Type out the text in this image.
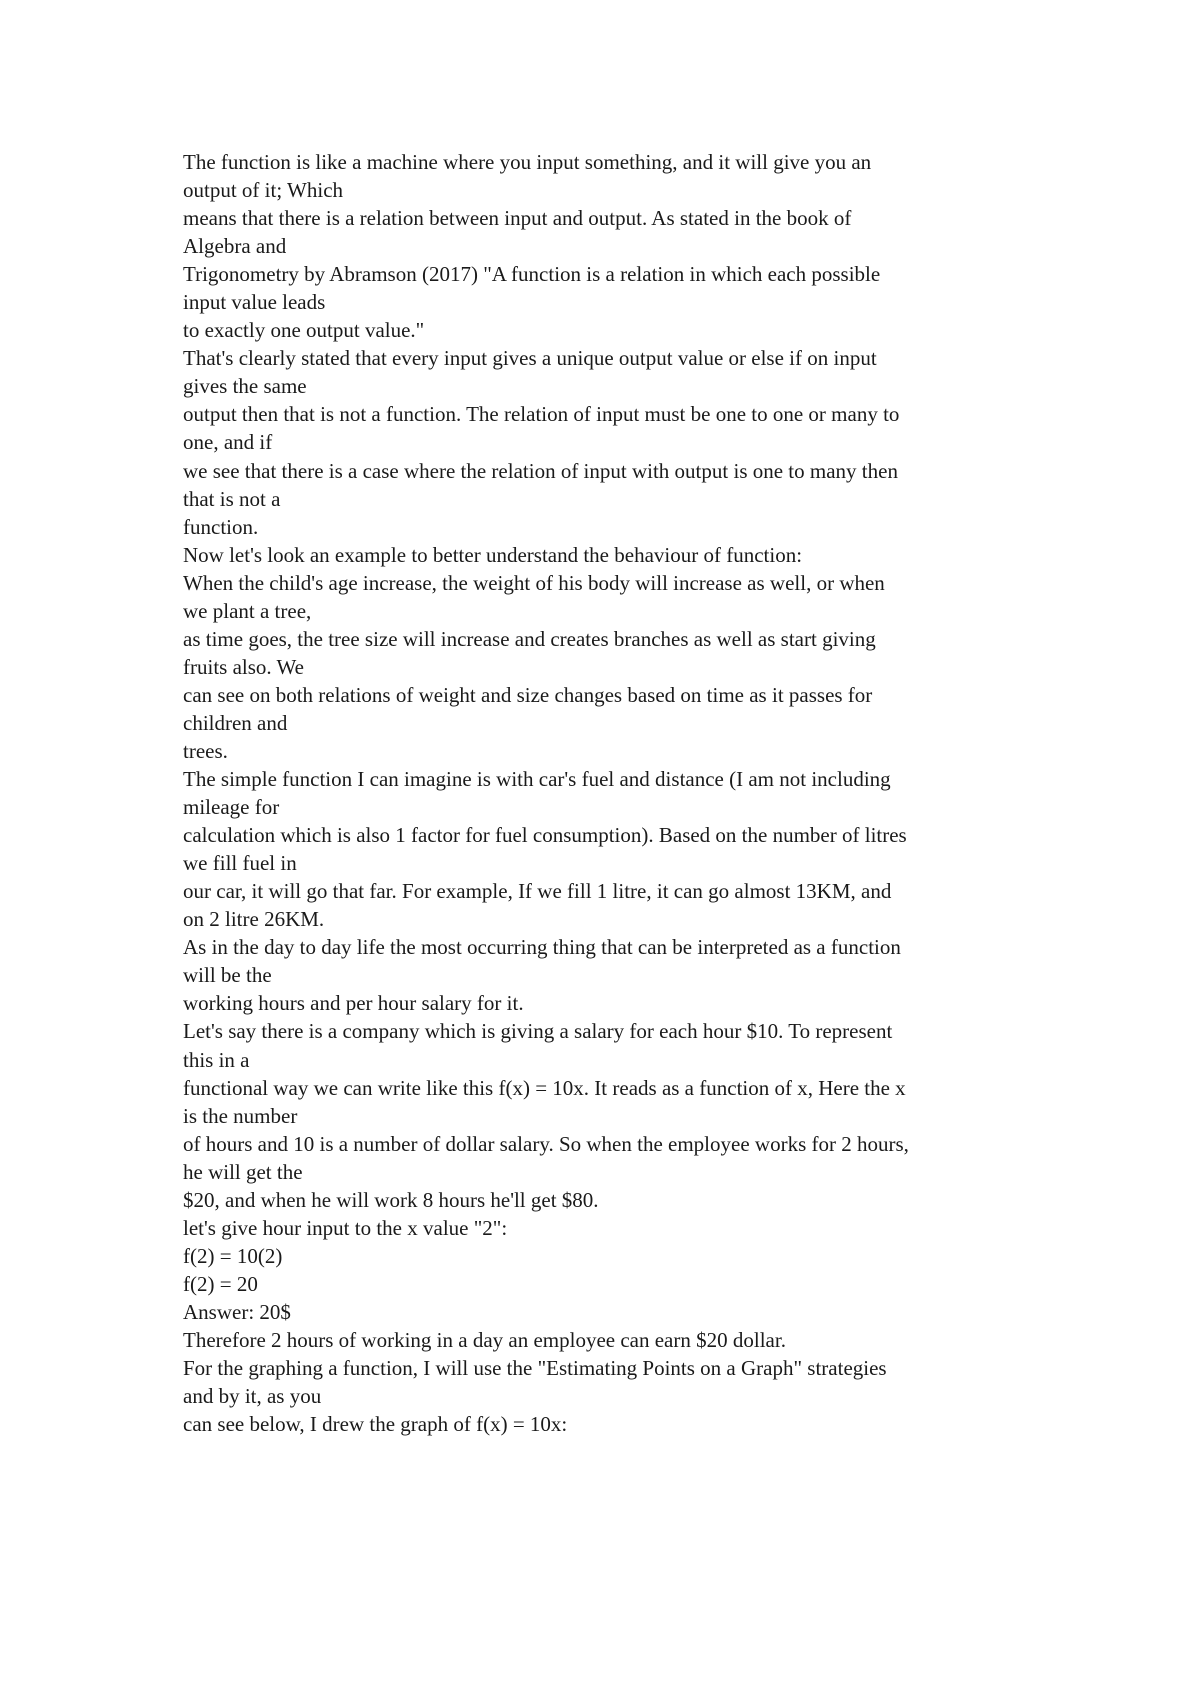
The function is like a machine where you input something, and it will give you an
output of it; Which
means that there is a relation between input and output. As stated in the book of
Algebra and
Trigonometry by Abramson (2017) "A function is a relation in which each possible
input value leads
to exactly one output value."
That's clearly stated that every input gives a unique output value or else if on input
gives the same
output then that is not a function. The relation of input must be one to one or many to
one, and if
we see that there is a case where the relation of input with output is one to many then
that is not a
function.
Now let's look an example to better understand the behaviour of function:
When the child's age increase, the weight of his body will increase as well, or when
we plant a tree,
as time goes, the tree size will increase and creates branches as well as start giving
fruits also. We
can see on both relations of weight and size changes based on time as it passes for
children and
trees.
The simple function I can imagine is with car's fuel and distance (I am not including
mileage for
calculation which is also 1 factor for fuel consumption). Based on the number of litres
we fill fuel in
our car, it will go that far. For example, If we fill 1 litre, it can go almost 13KM, and
on 2 litre 26KM.
As in the day to day life the most occurring thing that can be interpreted as a function
will be the
working hours and per hour salary for it.
Let's say there is a company which is giving a salary for each hour $10. To represent
this in a
functional way we can write like this f(x) = 10x. It reads as a function of x, Here the x
is the number
of hours and 10 is a number of dollar salary. So when the employee works for 2 hours,
he will get the
$20, and when he will work 8 hours he'll get $80.
let's give hour input to the x value "2":
f(2) = 10(2)
f(2) = 20
Answer: 20$
Therefore 2 hours of working in a day an employee can earn $20 dollar.
For the graphing a function, I will use the "Estimating Points on a Graph" strategies
and by it, as you
can see below, I drew the graph of f(x) = 10x:
